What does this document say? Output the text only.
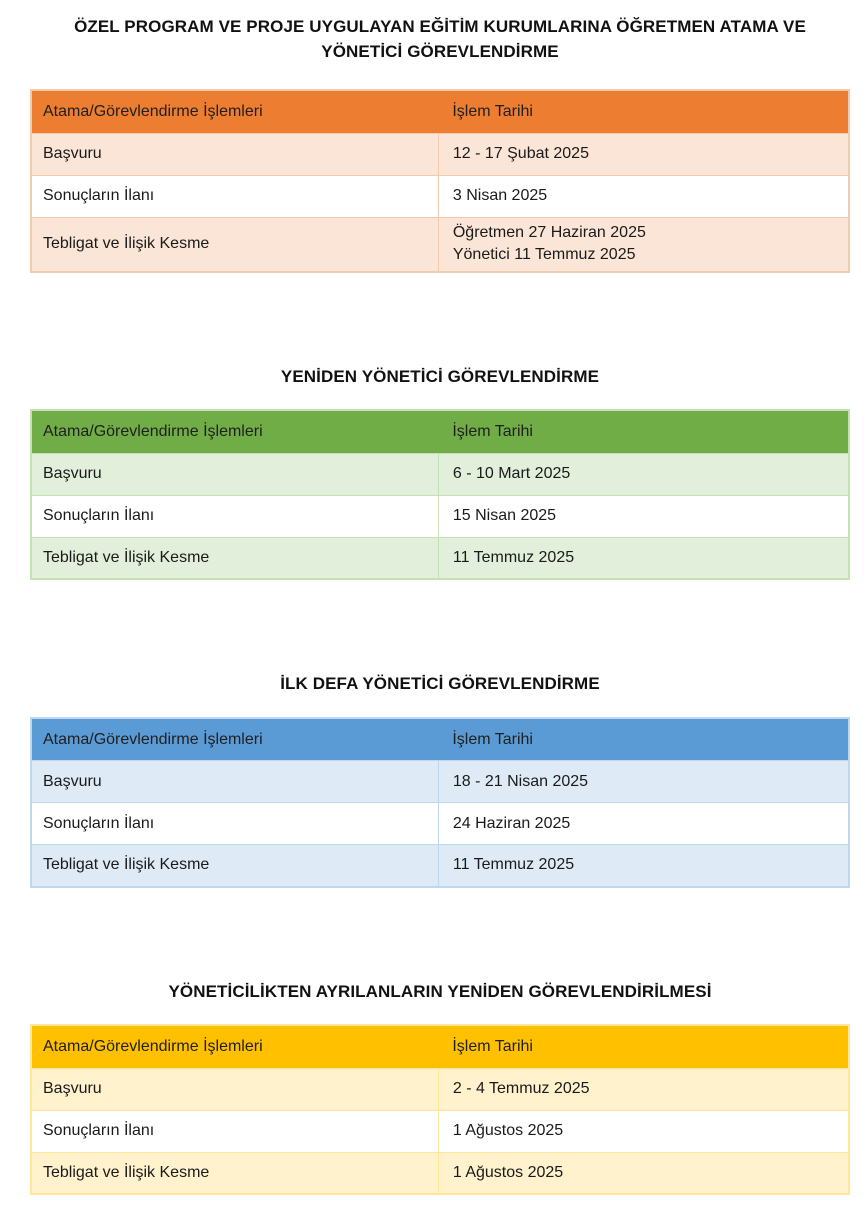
ÖZEL PROGRAM VE PROJE UYGULAYAN EĞİTİM KURUMLARINA ÖĞRETMEN ATAMA VE YÖNETİCİ GÖREVLENDİRME
Atama/Görevlendirme İşlemleri	İşlem Tarihi
Başvuru	12 - 17 Şubat 2025
Sonuçların İlanı	3 Nisan 2025
Tebligat ve İlişik Kesme	Öğretmen 27 Haziran 2025
Yönetici 11 Temmuz 2025
YENİDEN YÖNETİCİ GÖREVLENDİRME
Atama/Görevlendirme İşlemleri	İşlem Tarihi
Başvuru	6 - 10 Mart 2025
Sonuçların İlanı	15 Nisan 2025
Tebligat ve İlişik Kesme	11 Temmuz 2025
İLK DEFA YÖNETİCİ GÖREVLENDİRME
Atama/Görevlendirme İşlemleri	İşlem Tarihi
Başvuru	18 - 21 Nisan 2025
Sonuçların İlanı	24 Haziran 2025
Tebligat ve İlişik Kesme	11 Temmuz 2025
YÖNETİCİLİKTEN AYRILANLARIN YENİDEN GÖREVLENDİRİLMESİ
Atama/Görevlendirme İşlemleri	İşlem Tarihi
Başvuru	2 - 4 Temmuz 2025
Sonuçların İlanı	1 Ağustos 2025
Tebligat ve İlişik Kesme	1 Ağustos 2025
